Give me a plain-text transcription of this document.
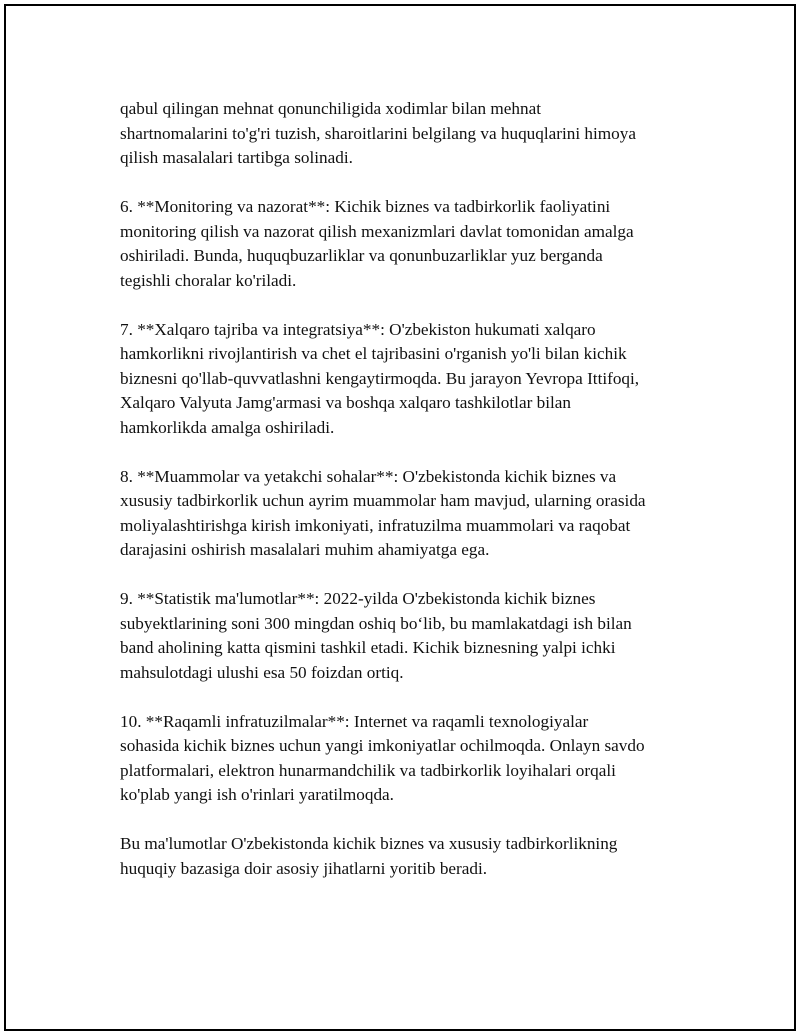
qabul qilingan mehnat qonunchiligida xodimlar bilan mehnat
shartnomalarini to'g'ri tuzish, sharoitlarini belgilang va huquqlarini himoya
qilish masalalari tartibga solinadi.

6. **Monitoring va nazorat**: Kichik biznes va tadbirkorlik faoliyatini
monitoring qilish va nazorat qilish mexanizmlari davlat tomonidan amalga
oshiriladi. Bunda, huquqbuzarliklar va qonunbuzarliklar yuz berganda
tegishli choralar ko'riladi.

7. **Xalqaro tajriba va integratsiya**: O'zbekiston hukumati xalqaro
hamkorlikni rivojlantirish va chet el tajribasini o'rganish yo'li bilan kichik
biznesni qo'llab-quvvatlashni kengaytirmoqda. Bu jarayon Yevropa Ittifoqi,
Xalqaro Valyuta Jamg'armasi va boshqa xalqaro tashkilotlar bilan
hamkorlikda amalga oshiriladi.

8. **Muammolar va yetakchi sohalar**: O'zbekistonda kichik biznes va
xususiy tadbirkorlik uchun ayrim muammolar ham mavjud, ularning orasida
moliyalashtirishga kirish imkoniyati, infratuzilma muammolari va raqobat
darajasini oshirish masalalari muhim ahamiyatga ega.

9. **Statistik ma'lumotlar**: 2022-yilda O'zbekistonda kichik biznes
subyektlarining soni 300 mingdan oshiq bo‘lib, bu mamlakatdagi ish bilan
band aholining katta qismini tashkil etadi. Kichik biznesning yalpi ichki
mahsulotdagi ulushi esa 50 foizdan ortiq.

10. **Raqamli infratuzilmalar**: Internet va raqamli texnologiyalar
sohasida kichik biznes uchun yangi imkoniyatlar ochilmoqda. Onlayn savdo
platformalari, elektron hunarmandchilik va tadbirkorlik loyihalari orqali
ko'plab yangi ish o'rinlari yaratilmoqda.

Bu ma'lumotlar O'zbekistonda kichik biznes va xususiy tadbirkorlikning
huquqiy bazasiga doir asosiy jihatlarni yoritib beradi.
